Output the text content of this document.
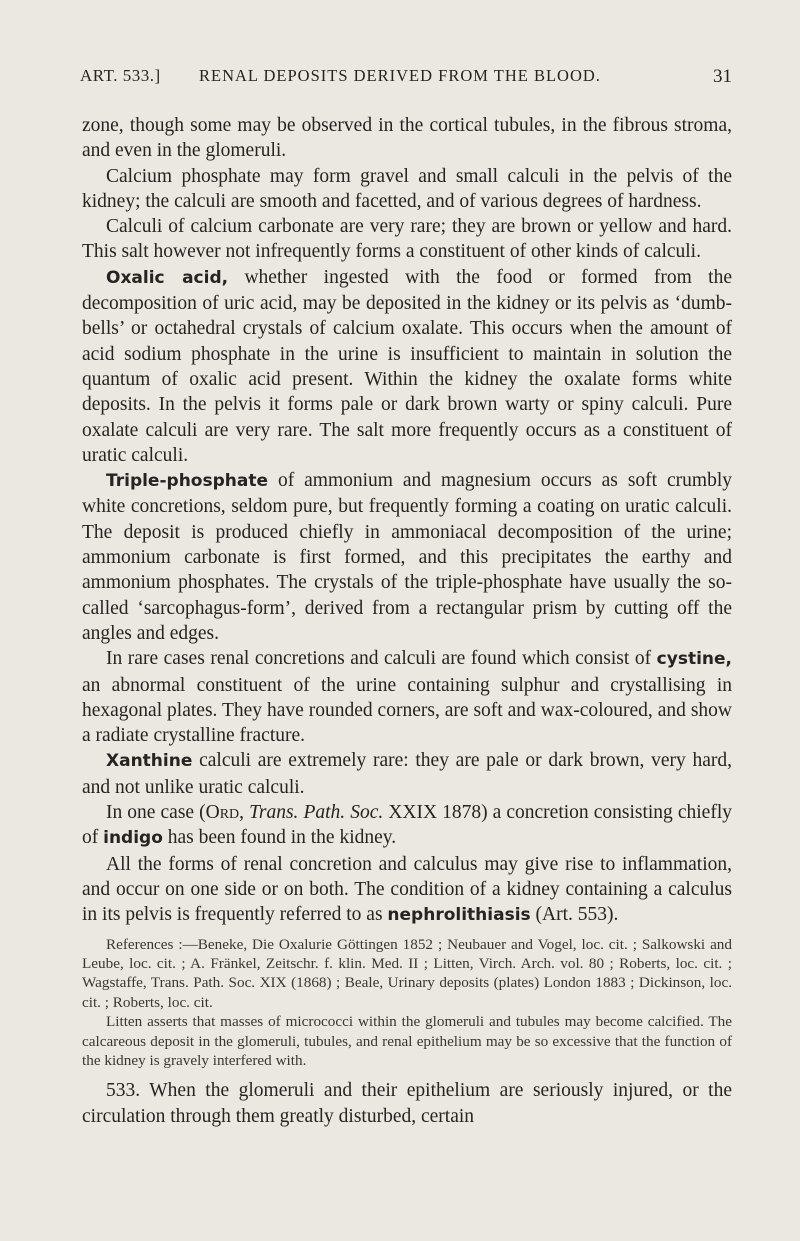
ART. 533.] RENAL DEPOSITS DERIVED FROM THE BLOOD.	31

zone, though some may be observed in the cortical tubules, in the fibrous stroma, and even in the glomeruli.

Calcium phosphate may form gravel and small calculi in the pelvis of the kidney; the calculi are smooth and facetted, and of various degrees of hardness.

Calculi of calcium carbonate are very rare; they are brown or yellow and hard. This salt however not infrequently forms a constituent of other kinds of calculi.

Oxalic acid, whether ingested with the food or formed from the decomposition of uric acid, may be deposited in the kidney or its pelvis as ‘dumb-bells’ or octahedral crystals of calcium oxalate. This occurs when the amount of acid sodium phosphate in the urine is insufficient to maintain in solution the quantum of oxalic acid present. Within the kidney the oxalate forms white deposits. In the pelvis it forms pale or dark brown warty or spiny calculi. Pure oxalate calculi are very rare. The salt more frequently occurs as a constituent of uratic calculi.

Triple-phosphate of ammonium and magnesium occurs as soft crumbly white concretions, seldom pure, but frequently forming a coating on uratic calculi. The deposit is produced chiefly in ammoniacal decomposition of the urine; ammonium carbonate is first formed, and this precipitates the earthy and ammonium phosphates. The crystals of the triple-phosphate have usually the so-called ‘sarcophagus-form’, derived from a rectangular prism by cutting off the angles and edges.

In rare cases renal concretions and calculi are found which consist of cystine, an abnormal constituent of the urine containing sulphur and crystallising in hexagonal plates. They have rounded corners, are soft and wax-coloured, and show a radiate crystalline fracture.

Xanthine calculi are extremely rare: they are pale or dark brown, very hard, and not unlike uratic calculi.

In one case (Ord, Trans. Path. Soc. XXIX 1878) a concretion consisting chiefly of indigo has been found in the kidney.

All the forms of renal concretion and calculus may give rise to inflammation, and occur on one side or on both. The condition of a kidney containing a calculus in its pelvis is frequently referred to as nephrolithiasis (Art. 553).

References :—Beneke, Die Oxalurie Göttingen 1852 ; Neubauer and Vogel, loc. cit. ; Salkowski and Leube, loc. cit. ; A. Fränkel, Zeitschr. f. klin. Med. II ; Litten, Virch. Arch. vol. 80 ; Roberts, loc. cit. ; Wagstaffe, Trans. Path. Soc. XIX (1868) ; Beale, Urinary deposits (plates) London 1883 ; Dickinson, loc. cit. ; Roberts, loc. cit.

Litten asserts that masses of micrococci within the glomeruli and tubules may become calcified. The calcareous deposit in the glomeruli, tubules, and renal epithelium may be so excessive that the function of the kidney is gravely interfered with.

533. When the glomeruli and their epithelium are seriously injured, or the circulation through them greatly disturbed, certain
